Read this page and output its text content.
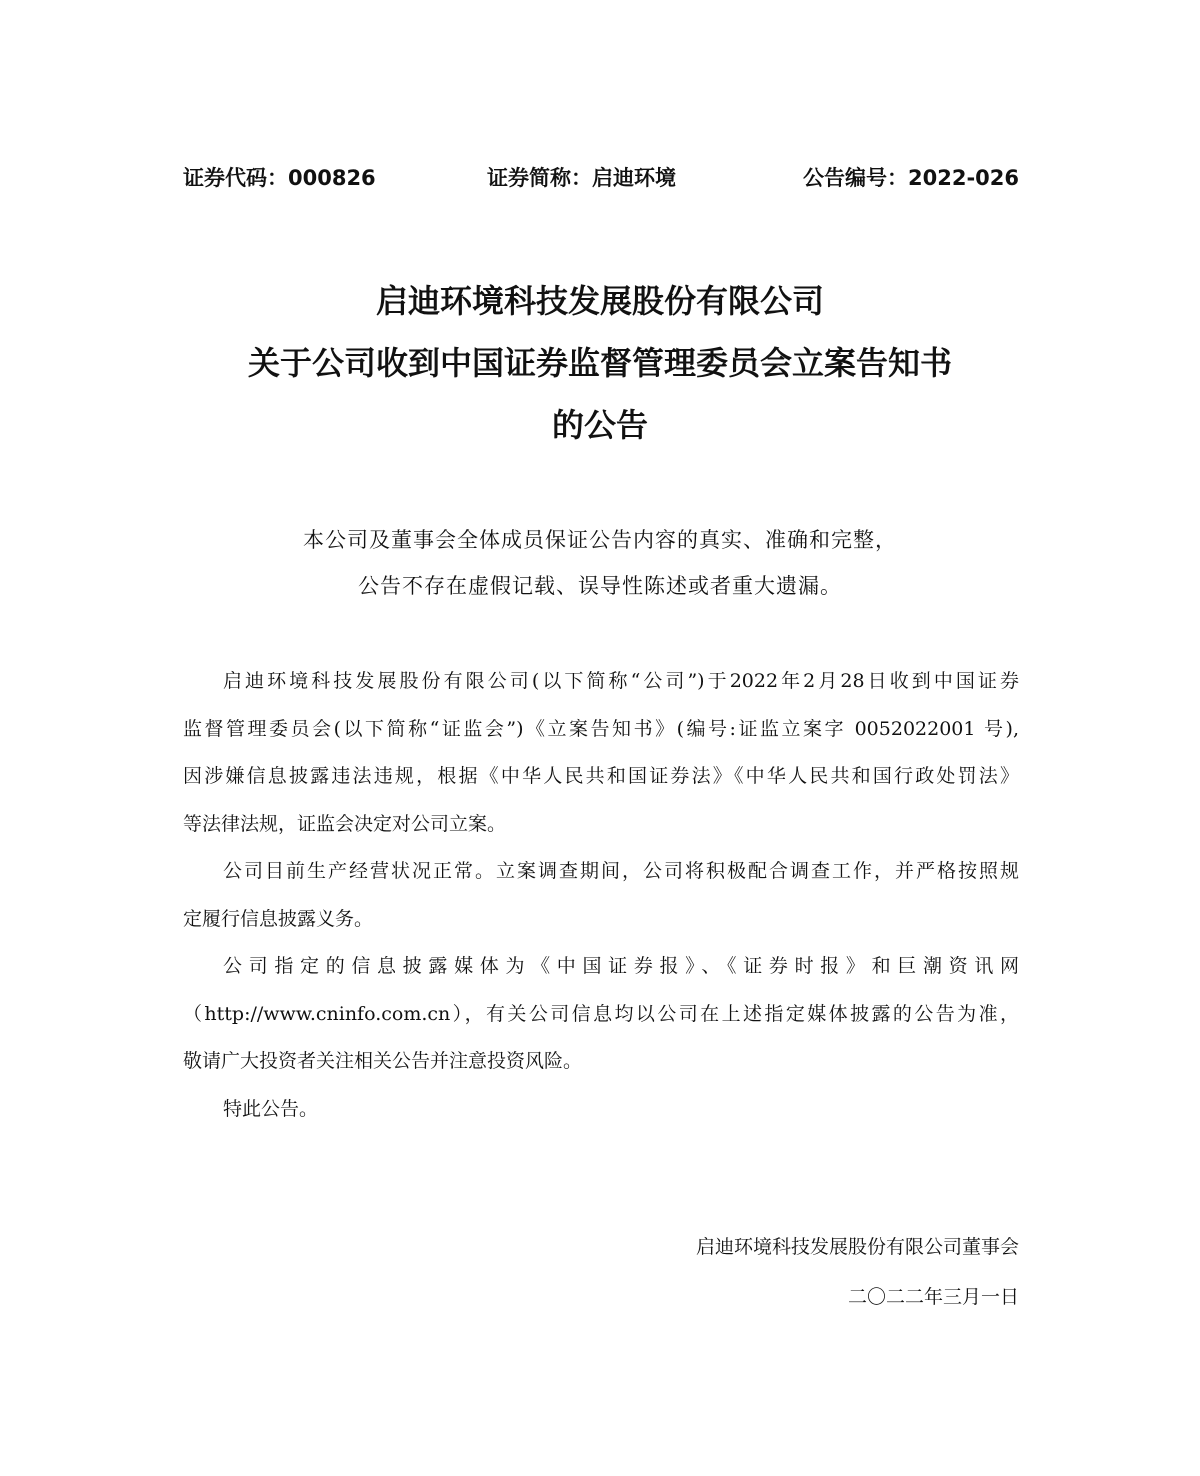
证券代码：000826	证券简称：启迪环境	公告编号：2022-026
启迪环境科技发展股份有限公司
关于公司收到中国证券监督管理委员会立案告知书
的公告
本公司及董事会全体成员保证公告内容的真实、准确和完整，
公告不存在虚假记载、误导性陈述或者重大遗漏。
启迪环境科技发展股份有限公司(以下简称“公司”)于2022年2月28日收到中国证券
监督管理委员会(以下简称“证监会”)《立案告知书》(编号:证监立案字 0052022001 号),
因涉嫌信息披露违法违规，根据《中华人民共和国证券法》《中华人民共和国行政处罚法》
等法律法规，证监会决定对公司立案。
公司目前生产经营状况正常。立案调查期间，公司将积极配合调查工作，并严格按照规
定履行信息披露义务。
公司指定的信息披露媒体为《中国证券报》、《证券时报》和巨潮资讯网
（http://www.cninfo.com.cn），有关公司信息均以公司在上述指定媒体披露的公告为准，
敬请广大投资者关注相关公告并注意投资风险。
特此公告。
启迪环境科技发展股份有限公司董事会
二〇二二年三月一日
